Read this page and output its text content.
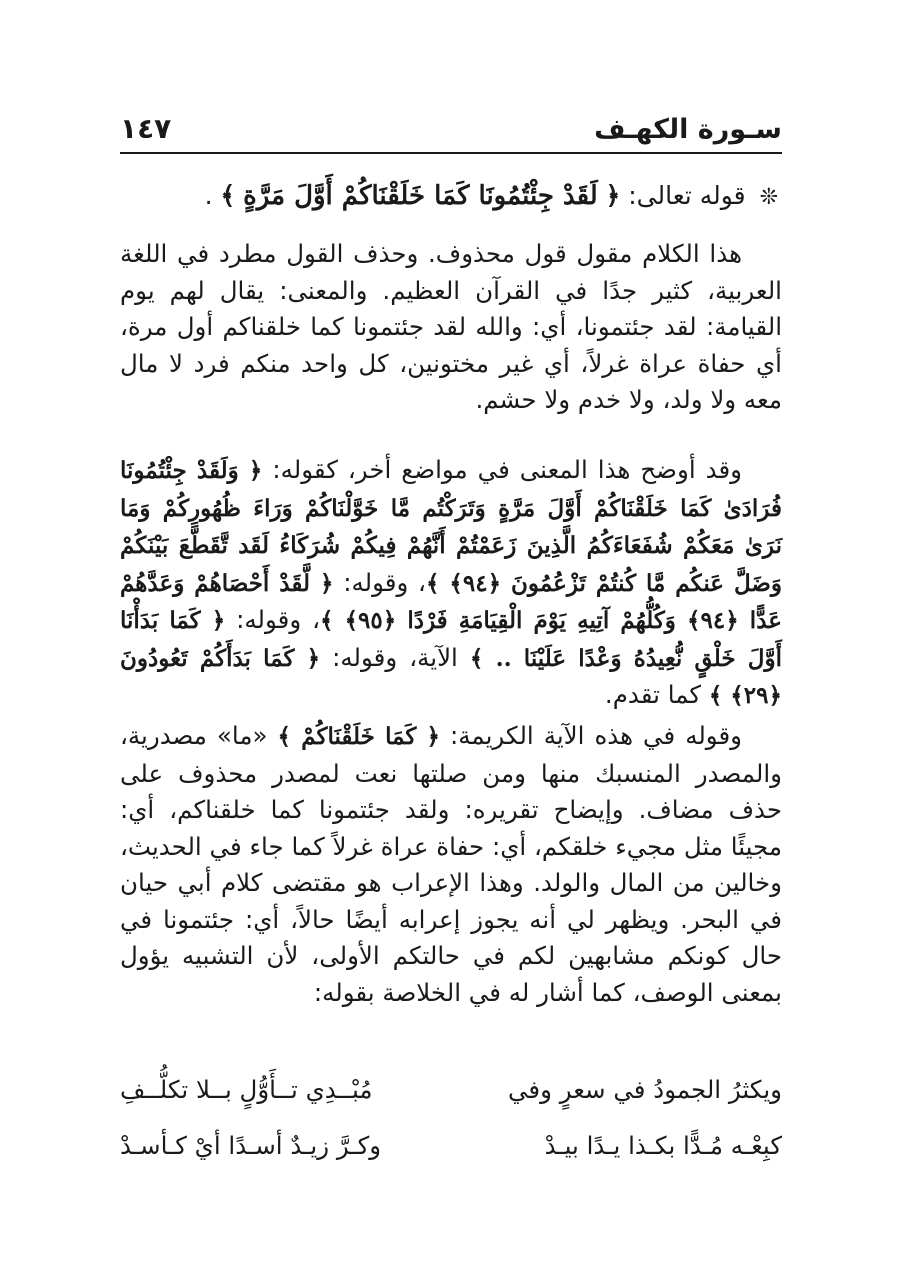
سـورة الكهـف
١٤٧
❊ قوله تعالى: ﴿ لَقَدْ جِئْتُمُونَا كَمَا خَلَقْنَاكُمْ أَوَّلَ مَرَّةٍ ﴾ .

هذا الكلام مقول قول محذوف. وحذف القول مطرد في اللغة العربية، كثير جدًا في القرآن العظيم. والمعنى: يقال لهم يوم القيامة: لقد جئتمونا، أي: والله لقد جئتمونا كما خلقناكم أول مرة، أي حفاة عراة غرلاً، أي غير مختونين، كل واحد منكم فرد لا مال معه ولا ولد، ولا خدم ولا حشم.

وقد أوضح هذا المعنى في مواضع أخر، كقوله: ﴿ وَلَقَدْ جِئْتُمُونَا فُرَادَىٰ كَمَا خَلَقْنَاكُمْ أَوَّلَ مَرَّةٍ وَتَرَكْتُم مَّا خَوَّلْنَاكُمْ وَرَاءَ ظُهُورِكُمْ وَمَا نَرَىٰ مَعَكُمْ شُفَعَاءَكُمُ الَّذِينَ زَعَمْتُمْ أَنَّهُمْ فِيكُمْ شُرَكَاءُ لَقَد تَّقَطَّعَ بَيْنَكُمْ وَضَلَّ عَنكُم مَّا كُنتُمْ تَزْعُمُونَ ﴿٩٤﴾ ﴾، وقوله: ﴿ لَّقَدْ أَحْصَاهُمْ وَعَدَّهُمْ عَدًّا ﴿٩٤﴾ وَكُلُّهُمْ آتِيهِ يَوْمَ الْقِيَامَةِ فَرْدًا ﴿٩٥﴾ ﴾، وقوله: ﴿ كَمَا بَدَأْنَا أَوَّلَ خَلْقٍ نُّعِيدُهُ وَعْدًا عَلَيْنَا .. ﴾ الآية، وقوله: ﴿ كَمَا بَدَأَكُمْ تَعُودُونَ ﴿٢٩﴾ ﴾ كما تقدم.

وقوله في هذه الآية الكريمة: ﴿ كَمَا خَلَقْنَاكُمْ ﴾ «ما» مصدرية، والمصدر المنسبك منها ومن صلتها نعت لمصدر محذوف على حذف مضاف. وإيضاح تقريره: ولقد جئتمونا كما خلقناكم، أي: مجيئًا مثل مجيء خلقكم، أي: حفاة عراة غرلاً كما جاء في الحديث، وخالين من المال والولد. وهذا الإعراب هو مقتضى كلام أبي حيان في البحر. ويظهر لي أنه يجوز إعرابه أيضًا حالاً، أي: جئتمونا في حال كونكم مشابهين لكم في حالتكم الأولى، لأن التشبيه يؤول بمعنى الوصف، كما أشار له في الخلاصة بقوله:

ويكثرُ الجمودُ في سعرٍ وفي
مُبْــدِي تــأَوُّلٍ بــلا تكلُّــفِ
كبِعْـه مُـدًّا بكـذا يـدًا بيـدْ
وكـرَّ زيـدٌ أسـدًا أيْ كـأسـدْ
